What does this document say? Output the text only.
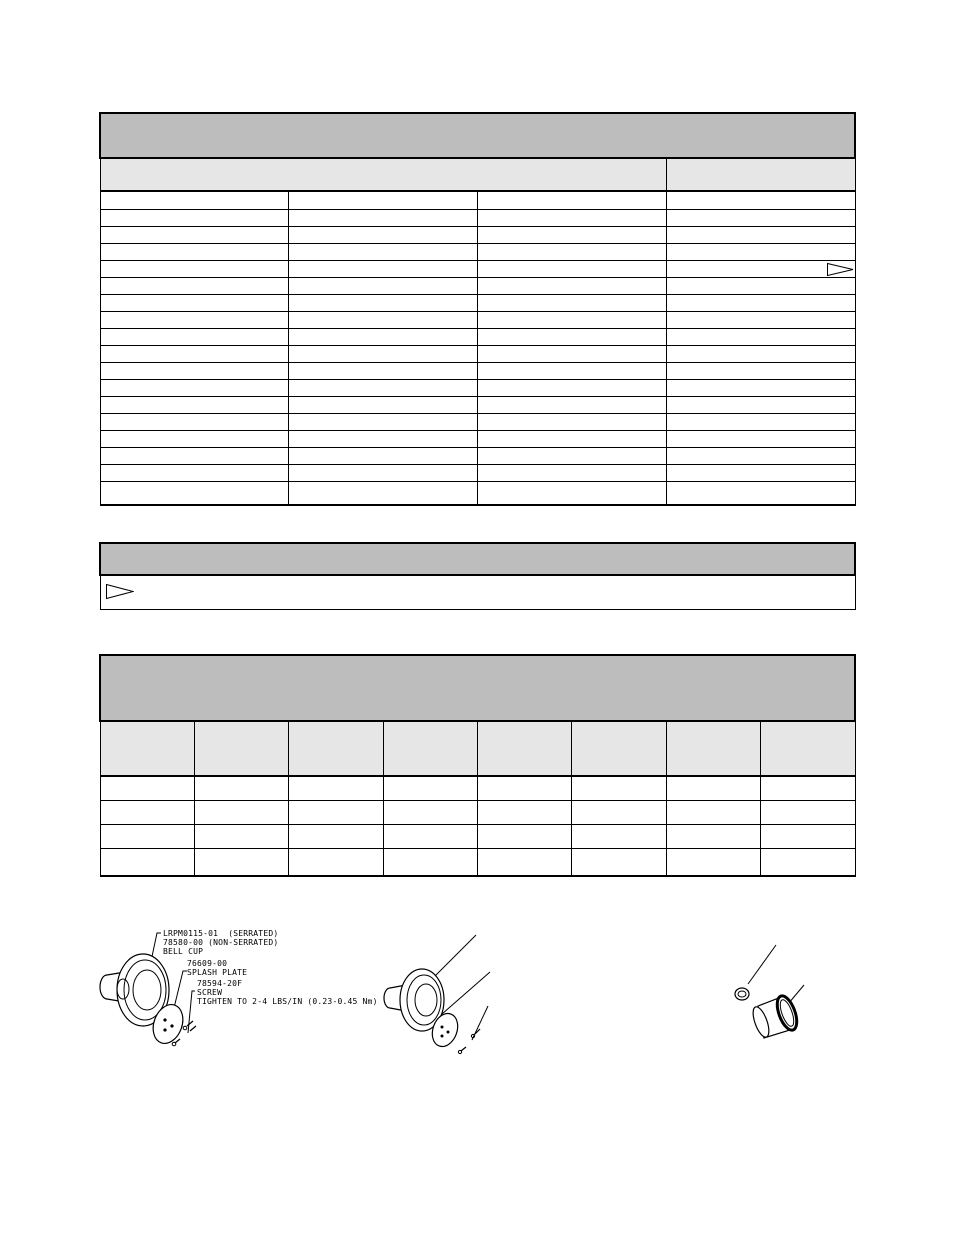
LRPM0115-01  (SERRATED)
78580-00 (NON-SERRATED)
BELL CUP
76609-00
SPLASH PLATE
78594-20F
SCREW
TIGHTEN TO 2-4 LBS/IN (0.23-0.45 Nm)
